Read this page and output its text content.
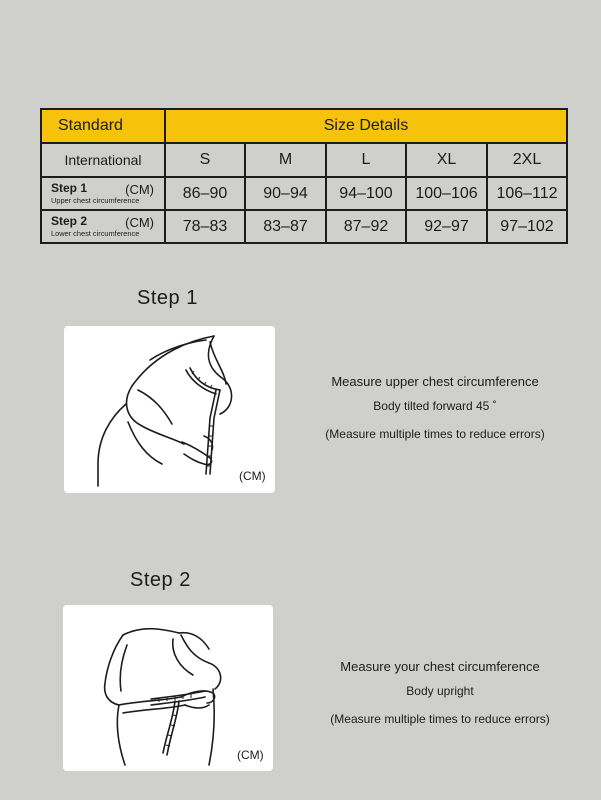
Standard	Size Details				
International	S	M	L	XL	2XL

Step 1 (CM)
Upper chest circumference	86–90	90–94	94–100	100–106	106–112

Step 2 (CM)
Lower chest circumference	78–83	83–87	87–92	92–97	97–102
Step 1
(CM)
Measure upper chest circumference
Body tilted forward 45 ˚
(Measure multiple times to reduce errors)
Step 2
(CM)
Measure your chest circumference
Body upright
(Measure multiple times to reduce errors)
